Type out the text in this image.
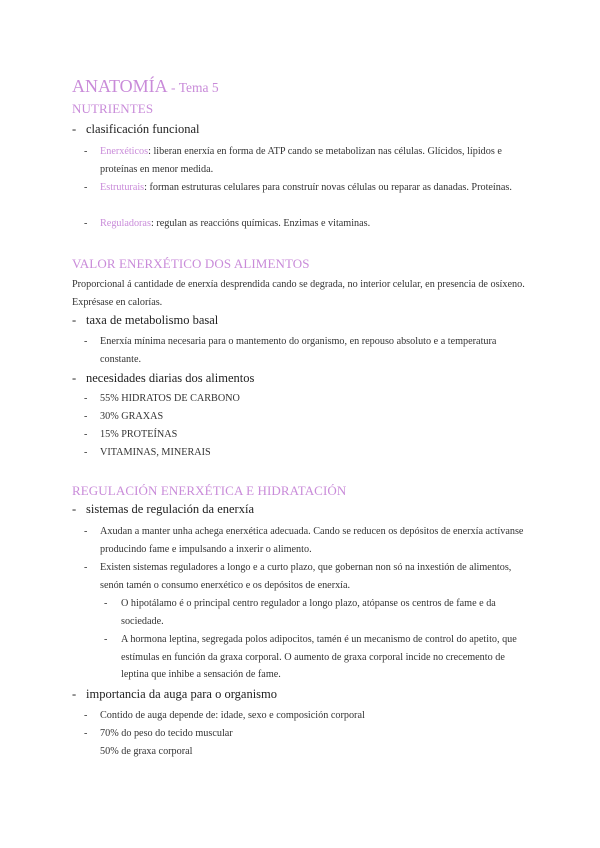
ANATOMÍA - Tema 5
NUTRIENTES
- clasificación funcional
- Enerxéticos: liberan enerxía en forma de ATP cando se metabolizan nas células. Glícidos, lípidos e proteínas en menor medida.
- Estruturais: forman estruturas celulares para construír novas células ou reparar as danadas. Proteínas.
- Reguladoras: regulan as reaccións químicas. Enzimas e vitaminas.
VALOR ENERXÉTICO DOS ALIMENTOS
Proporcional á cantidade de enerxía desprendida cando se degrada, no interior celular, en presencia de osíxeno. Exprésase en calorías.
- taxa de metabolismo basal
- Enerxía mínima necesaria para o mantemento do organismo, en repouso absoluto e a temperatura constante.
- necesidades diarias dos alimentos
- 55% HIDRATOS DE CARBONO
- 30% GRAXAS
- 15% PROTEÍNAS
- VITAMINAS, MINERAIS
REGULACIÓN ENERXÉTICA E HIDRATACIÓN
- sistemas de regulación da enerxía
- Axudan a manter unha achega enerxética adecuada. Cando se reducen os depósitos de enerxía actívanse producindo fame e impulsando a inxerir o alimento.
- Existen sistemas reguladores a longo e a curto plazo, que gobernan non só na inxestión de alimentos, senón tamén o consumo enerxético e os depósitos de enerxía.
- O hipotálamo é o principal centro regulador a longo plazo, atópanse os centros de fame e da sociedade.
- A hormona leptina, segregada polos adipocitos, tamén é un mecanismo de control do apetito, que estímulas en función da graxa corporal. O aumento de graxa corporal incide no crecemento de leptina que inhibe a sensación de fame.
- importancia da auga para o organismo
- Contido de auga depende de: idade, sexo e composición corporal
- 70% do peso do tecido muscular
50% de graxa corporal
